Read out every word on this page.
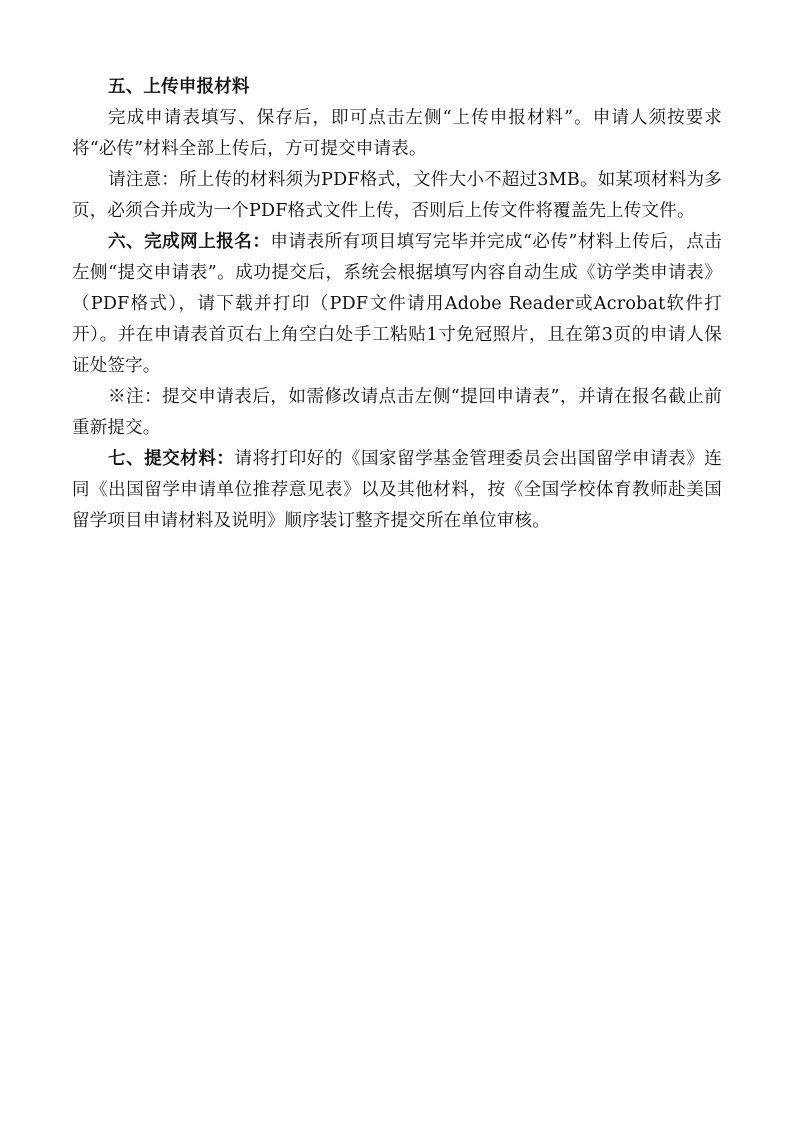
五、上传申报材料

完成申请表填写、保存后，即可点击左侧“上传申报材料”。申请人须按要求将“必传”材料全部上传后，方可提交申请表。

请注意：所上传的材料须为PDF格式，文件大小不超过3MB。如某项材料为多页，必须合并成为一个PDF格式文件上传，否则后上传文件将覆盖先上传文件。

六、完成网上报名：申请表所有项目填写完毕并完成“必传”材料上传后，点击左侧“提交申请表”。成功提交后，系统会根据填写内容自动生成《访学类申请表》（PDF格式），请下载并打印（PDF文件请用Adobe Reader或Acrobat软件打开）。并在申请表首页右上角空白处手工粘贴1寸免冠照片，且在第3页的申请人保证处签字。

※注：提交申请表后，如需修改请点击左侧“提回申请表”，并请在报名截止前重新提交。

七、提交材料：请将打印好的《国家留学基金管理委员会出国留学申请表》连同《出国留学申请单位推荐意见表》以及其他材料，按《全国学校体育教师赴美国留学项目申请材料及说明》顺序装订整齐提交所在单位审核。
